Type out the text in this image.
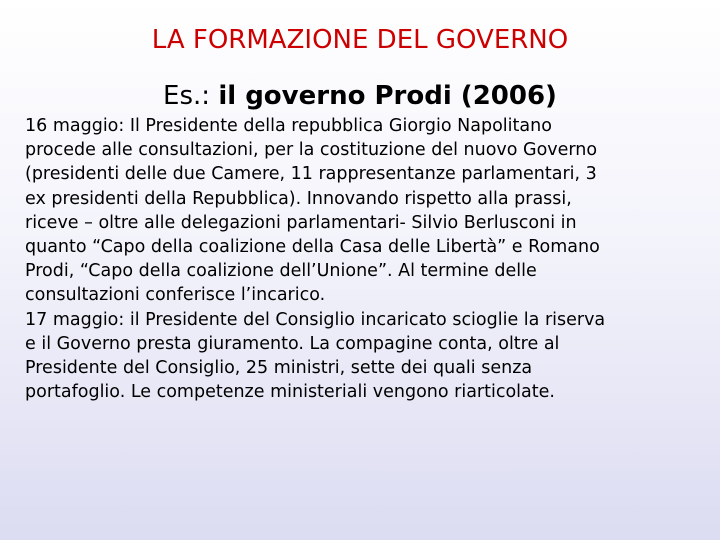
LA FORMAZIONE DEL GOVERNO
Es.: il governo Prodi (2006)
16 maggio: Il Presidente della repubblica Giorgio Napolitano
procede alle consultazioni, per la costituzione del nuovo Governo
(presidenti delle due Camere, 11 rappresentanze parlamentari, 3
ex presidenti della Repubblica). Innovando rispetto alla prassi,
riceve – oltre alle delegazioni parlamentari- Silvio Berlusconi in
quanto “Capo della coalizione della Casa delle Libertà” e Romano
Prodi, “Capo della coalizione dell’Unione”. Al termine delle
consultazioni conferisce l’incarico.
17 maggio: il Presidente del Consiglio incaricato scioglie la riserva
e il Governo presta giuramento. La compagine conta, oltre al
Presidente del Consiglio, 25 ministri, sette dei quali senza
portafoglio. Le competenze ministeriali vengono riarticolate.
